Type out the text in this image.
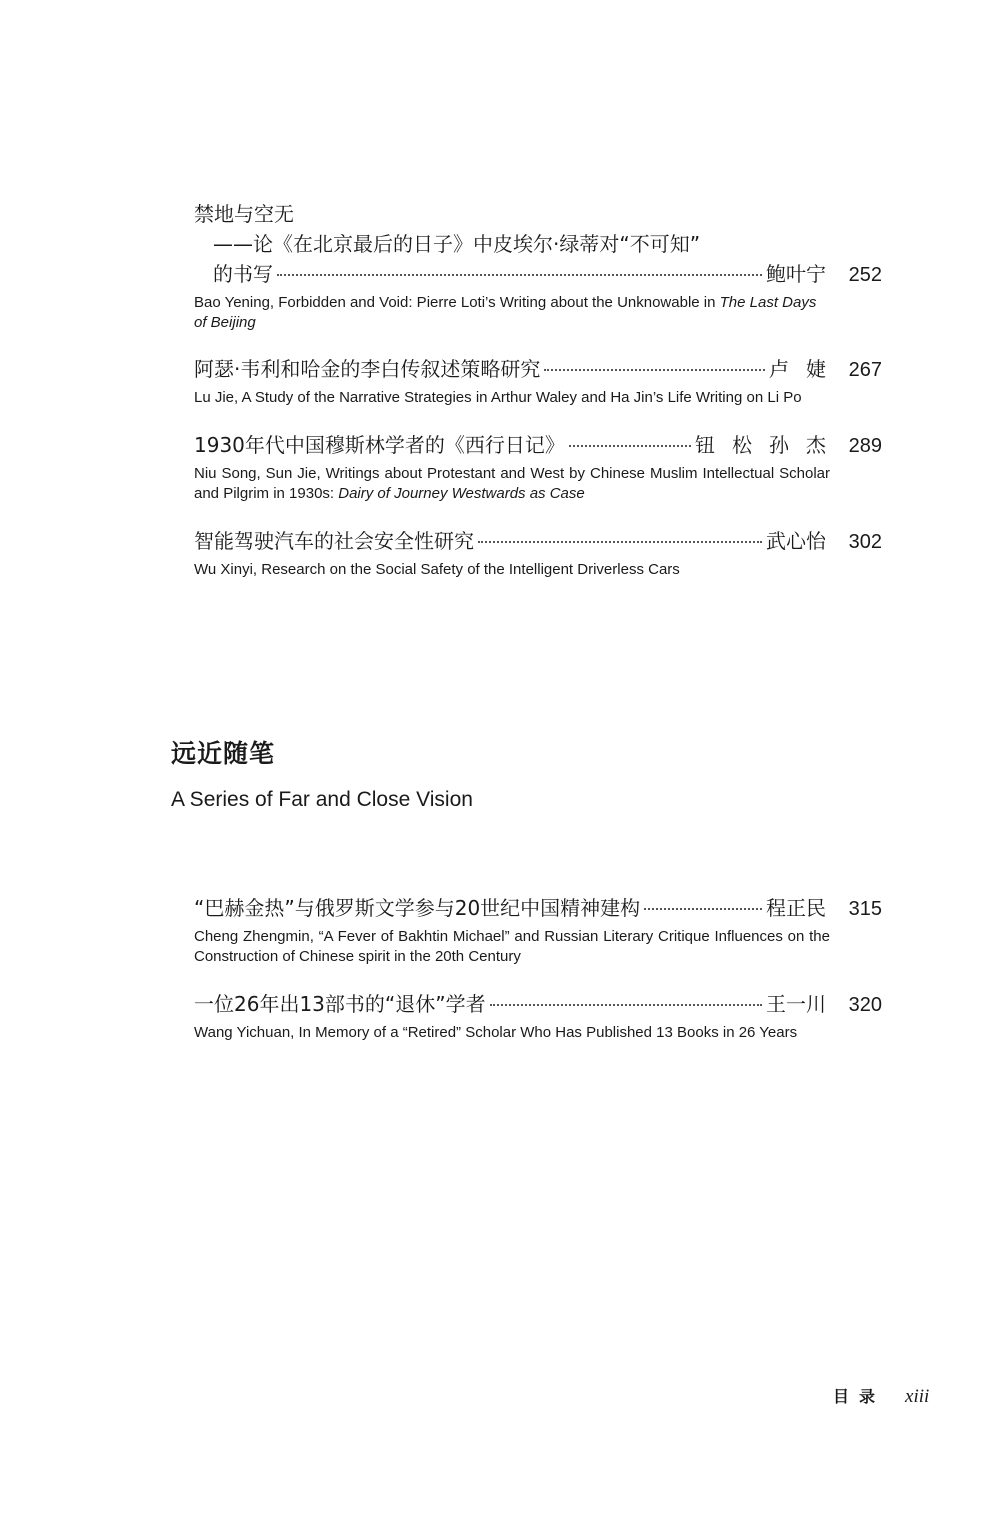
禁地与空无
——论《在北京最后的日子》中皮埃尔·绿蒂对“不可知”
的书写	鲍叶宁	252
Bao Yening, Forbidden and Void: Pierre Loti’s Writing about the Unknowable in The Last Days of Beijing
阿瑟·韦利和哈金的李白传叙述策略研究	卢婕 267
Lu Jie, A Study of the Narrative Strategies in Arthur Waley and Ha Jin’s Life Writing on Li Po
1930年代中国穆斯林学者的《西行日记》	钮松孙杰 289
Niu Song, Sun Jie, Writings about Protestant and West by Chinese Muslim Intellectual Scholar and Pilgrim in 1930s: Dairy of Journey Westwards as Case
智能驾驶汽车的社会安全性研究	武心怡	302
Wu Xinyi, Research on the Social Safety of the Intelligent Driverless Cars
远近随笔
A Series of Far and Close Vision
“巴赫金热”与俄罗斯文学参与20世纪中国精神建构	程正民	315
Cheng Zhengmin, “A Fever of Bakhtin Michael” and Russian Literary Critique Influences on the Construction of Chinese spirit in the 20th Century
一位26年出13部书的“退休”学者	王一川	320
Wang Yichuan, In Memory of a “Retired” Scholar Who Has Published 13 Books in 26 Years
目录 xiii
